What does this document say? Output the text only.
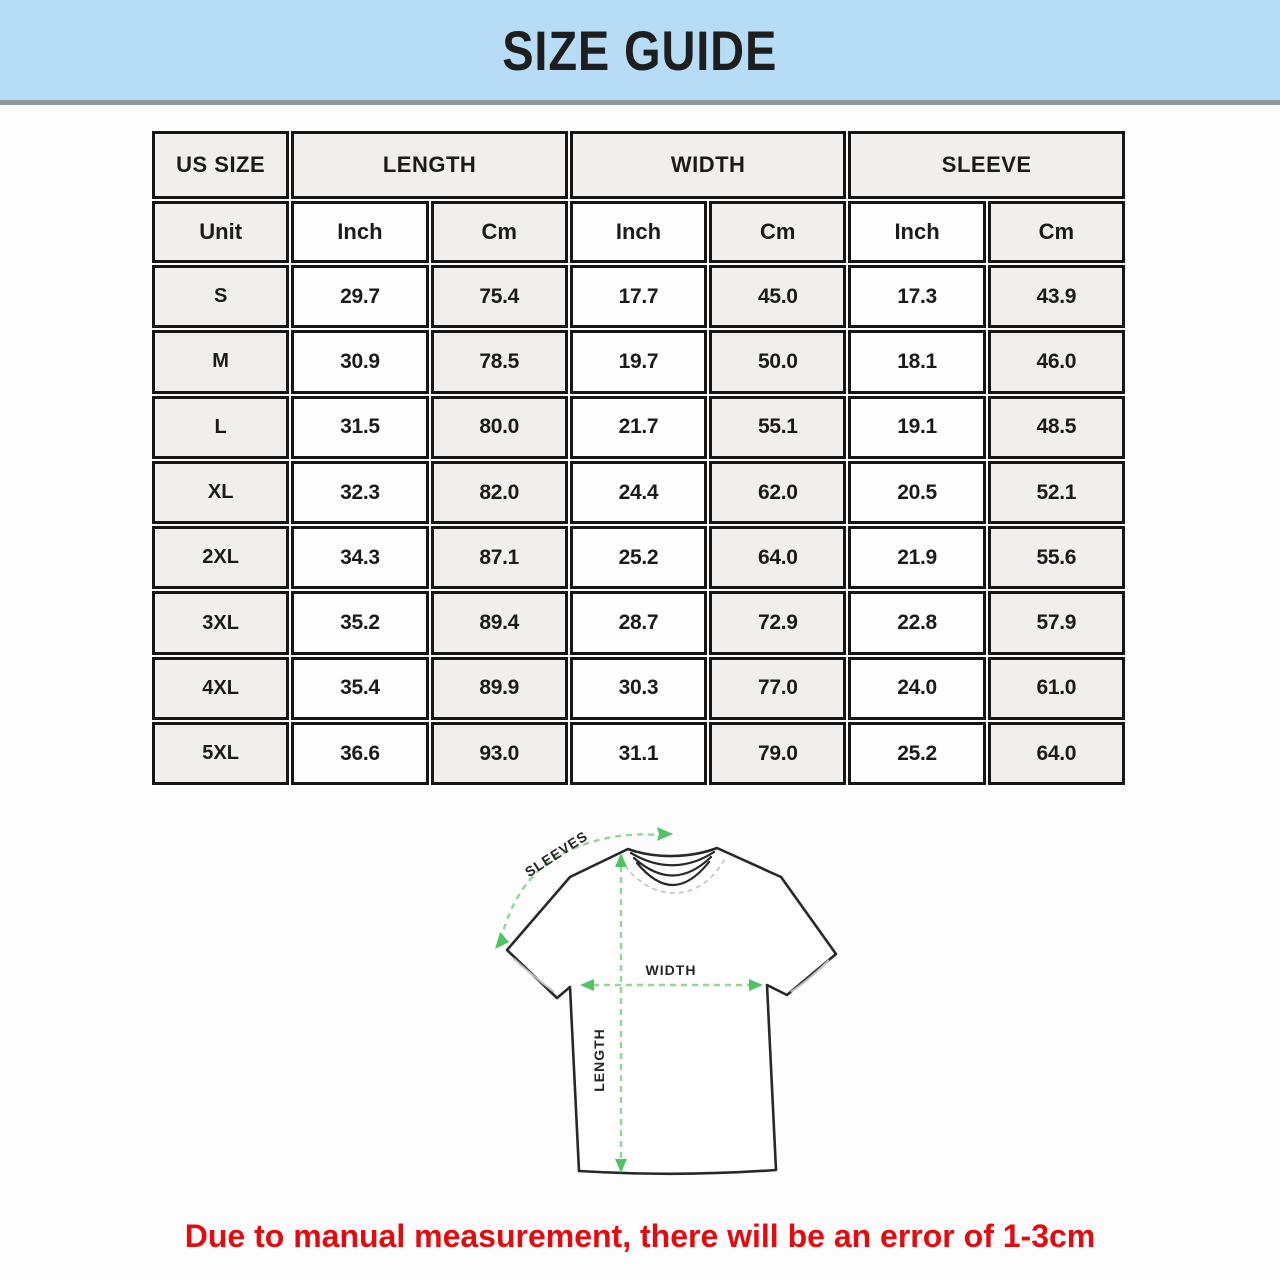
SIZE GUIDE
US SIZE	LENGTH	WIDTH	SLEEVE
Unit	Inch	Cm	Inch	Cm	Inch	Cm
S	29.7	75.4	17.7	45.0	17.3	43.9
M	30.9	78.5	19.7	50.0	18.1	46.0
L	31.5	80.0	21.7	55.1	19.1	48.5
XL	32.3	82.0	24.4	62.0	20.5	52.1
2XL	34.3	87.1	25.2	64.0	21.9	55.6
3XL	35.2	89.4	28.7	72.9	22.8	57.9
4XL	35.4	89.9	30.3	77.0	24.0	61.0
5XL	36.6	93.0	31.1	79.0	25.2	64.0
SLEEVES
LENGTH
WIDTH
Due to manual measurement, there will be an error of 1-3cm
